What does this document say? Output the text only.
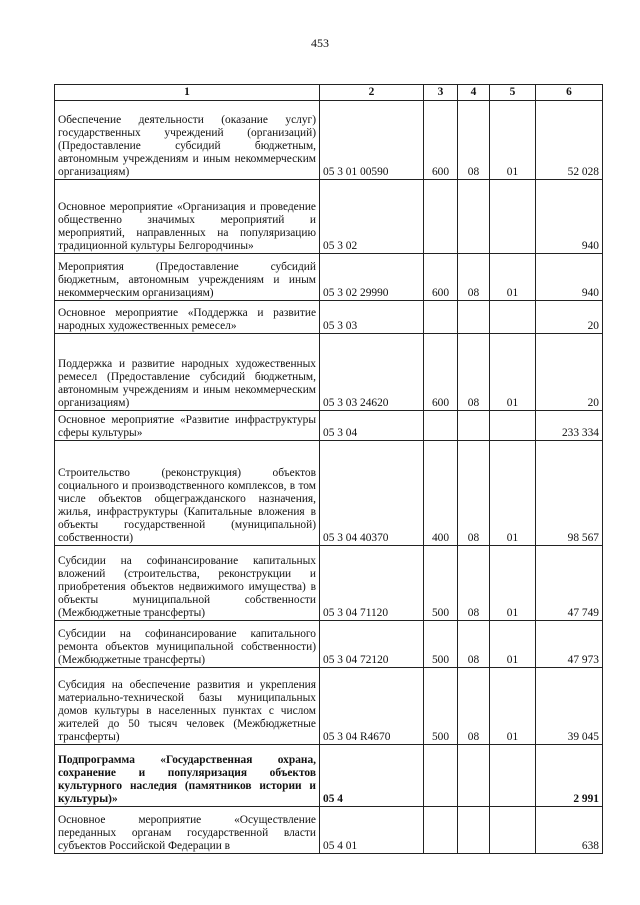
453
1	2	3	4	5	6
Обеспечение деятельности (оказание услуг) государственных учреждений (организаций) (Предоставление субсидий бюджетным, автономным учреждениям и иным некоммерческим организациям)	05 3 01 00590	600	08	01	52 028
Основное мероприятие «Организация и проведение общественно значимых мероприятий и мероприятий, направленных на популяризацию традиционной культуры Белгородчины»	05 3 02				940
Мероприятия (Предоставление субсидий бюджетным, автономным учреждениям и иным некоммерческим организациям)	05 3 02 29990	600	08	01	940
Основное мероприятие «Поддержка и развитие народных художественных ремесел»	05 3 03				20
Поддержка и развитие народных художественных ремесел (Предоставление субсидий бюджетным, автономным учреждениям и иным некоммерческим организациям)	05 3 03 24620	600	08	01	20
Основное мероприятие «Развитие инфраструктуры сферы культуры»	05 3 04				233 334
Строительство (реконструкция) объектов социального и производственного комплексов, в том числе объектов общегражданского назначения, жилья, инфраструктуры (Капитальные вложения в объекты государственной (муниципальной) собственности)	05 3 04 40370	400	08	01	98 567
Субсидии на софинансирование капитальных вложений (строительства, реконструкции и приобретения объектов недвижимого имущества) в объекты муниципальной собственности (Межбюджетные трансферты)	05 3 04 71120	500	08	01	47 749
Субсидии на софинансирование капитального ремонта объектов муниципальной собственности) (Межбюджетные трансферты)	05 3 04 72120	500	08	01	47 973
Субсидия на обеспечение развития и укрепления материально-технической базы муниципальных домов культуры в населенных пунктах с числом жителей до 50 тысяч человек (Межбюджетные трансферты)	05 3 04 R4670	500	08	01	39 045
Подпрограмма «Государственная охрана, сохранение и популяризация объектов культурного наследия (памятников истории и культуры)»	05 4				2 991
Основное мероприятие «Осуществление переданных органам государственной власти субъектов Российской Федерации в	05 4 01				638
